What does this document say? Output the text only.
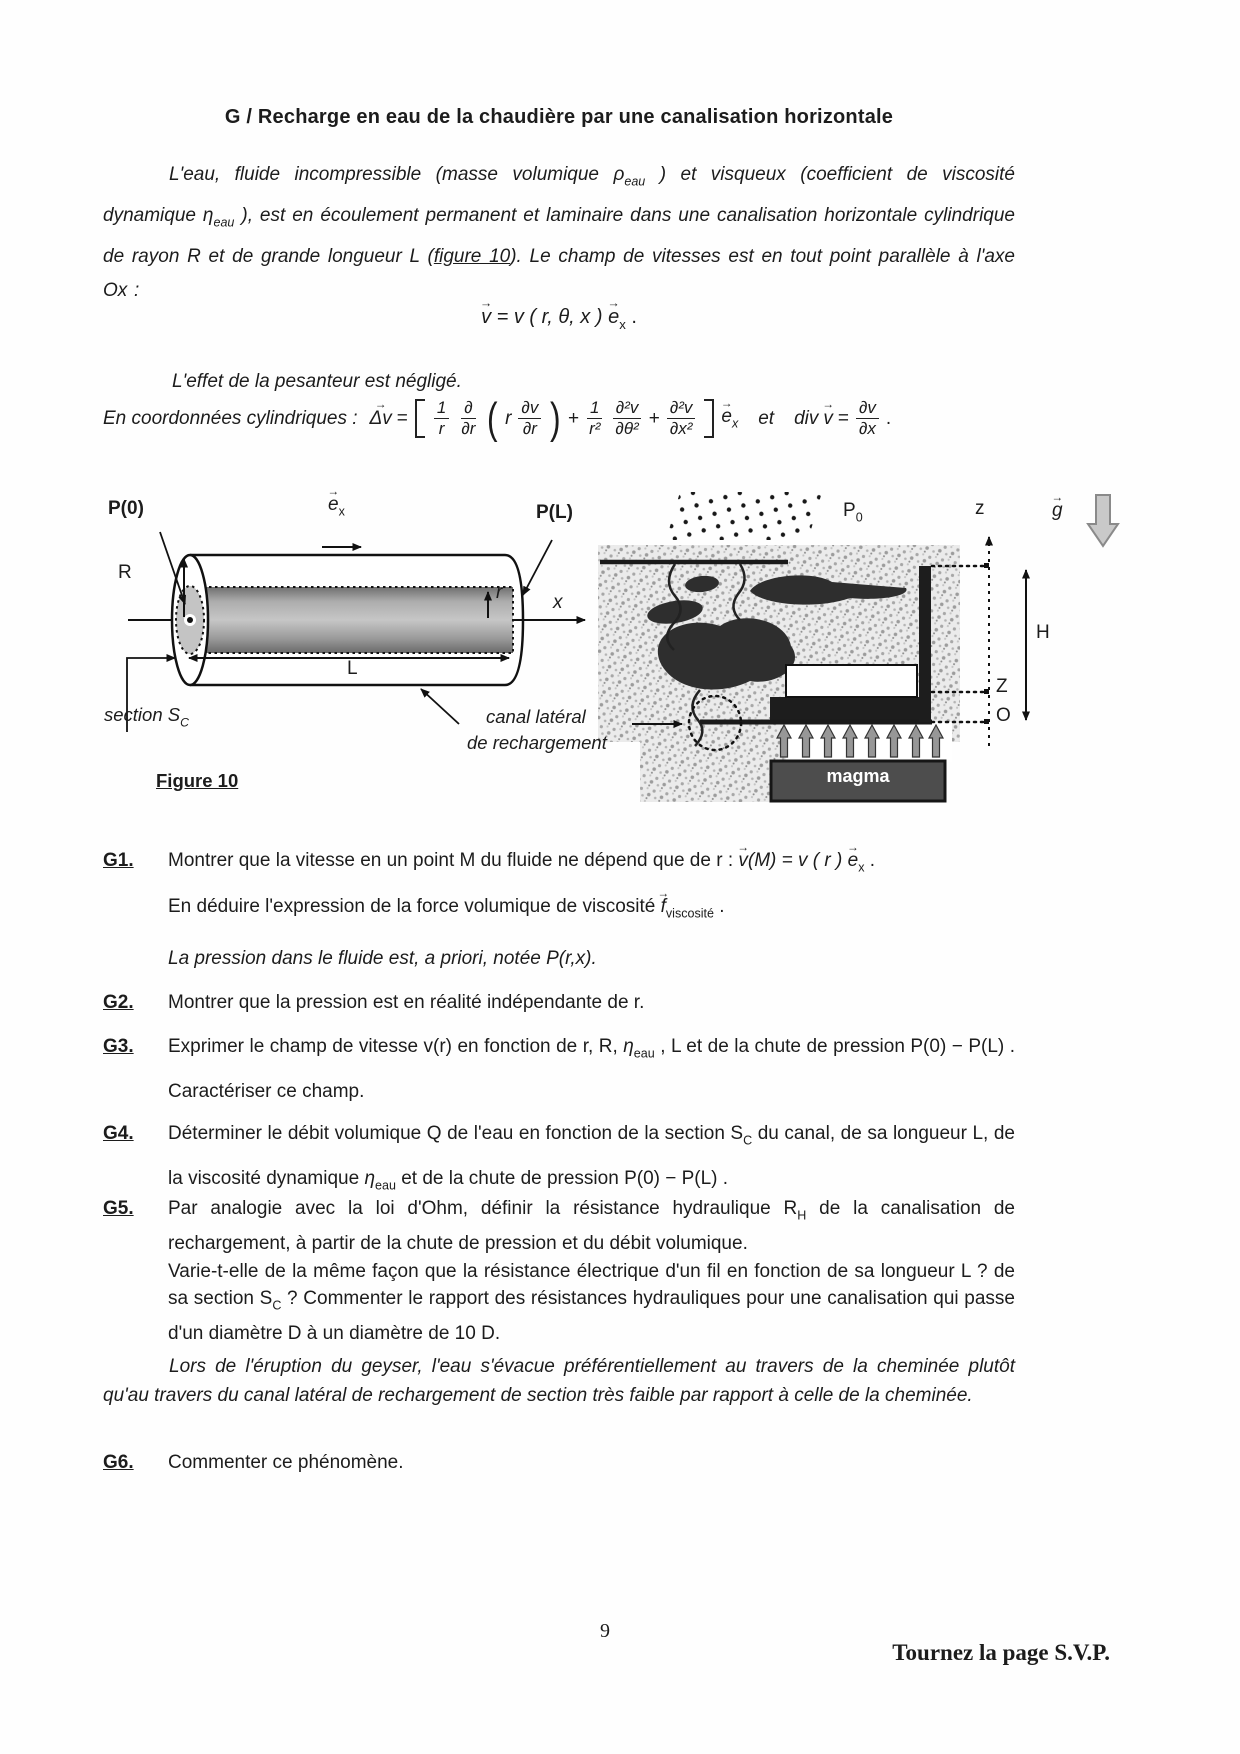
G / Recharge en eau de la chaudière par une canalisation horizontale
L'eau, fluide incompressible (masse volumique $\rho_{eau}$ ) et visqueux (coefficient de viscosité dynamique $\eta_{eau}$ ), est en écoulement permanent et laminaire dans une canalisation horizontale cylindrique de rayon R et de grande longueur L (figure 10). Le champ de vitesses est en tout point parallèle à l'axe Ox :
v → = v ( r, θ, x ) $e \to_x$ .
L'effet de la pesanteur est négligé.
En coordonnées cylindriques : Δv → = $\frac{1}{r} \frac{\partial}{\partial r}$ ( r $\frac{\partial v}{\partial r}$ ) + $\frac{1}{\text{r²}} \frac{\text{∂²v}}{\text{∂θ²}} + \frac{\text{∂²v}}{\text{∂x²}}$ $e \to_x$ et div v → = $\frac{\partial v}{\partial x}$ .
P(0)	$e \to_x$	P(L)
R
r	x
L
section $S_C$	canal latéral
de rechargement
Figure 10
$P_0$	z	g →
H
Z
O
magma
G1.	Montrer que la vitesse en un point M du fluide ne dépend que de r : v →(M) = v ( r ) $e \to_x$ .
En déduire l'expression de la force volumique de viscosité $f \to_{viscosité}$ .
La pression dans le fluide est, a priori, notée P(r,x).
G2.	Montrer que la pression est en réalité indépendante de r.
G3.	Exprimer le champ de vitesse v(r) en fonction de r, R, $\eta_{eau}$ , L et de la chute de pression P(0) − P(L) . Caractériser ce champ.
G4.	Déterminer le débit volumique Q de l'eau en fonction de la section $S_C$ du canal, de sa longueur L, de la viscosité dynamique $\eta_{eau}$ et de la chute de pression P(0) − P(L) .
G5.	Par analogie avec la loi d'Ohm, définir la résistance hydraulique $R_H$ de la canalisation de rechargement, à partir de la chute de pression et du débit volumique.
Varie-t-elle de la même façon que la résistance électrique d'un fil en fonction de sa longueur L ? de sa section $S_C$ ? Commenter le rapport des résistances hydrauliques pour une canalisation qui passe d'un diamètre D à un diamètre de 10 D.
Lors de l'éruption du geyser, l'eau s'évacue préférentiellement au travers de la cheminée plutôt qu'au travers du canal latéral de rechargement de section très faible par rapport à celle de la cheminée.
G6.	Commenter ce phénomène.
9
Tournez la page S.V.P.
